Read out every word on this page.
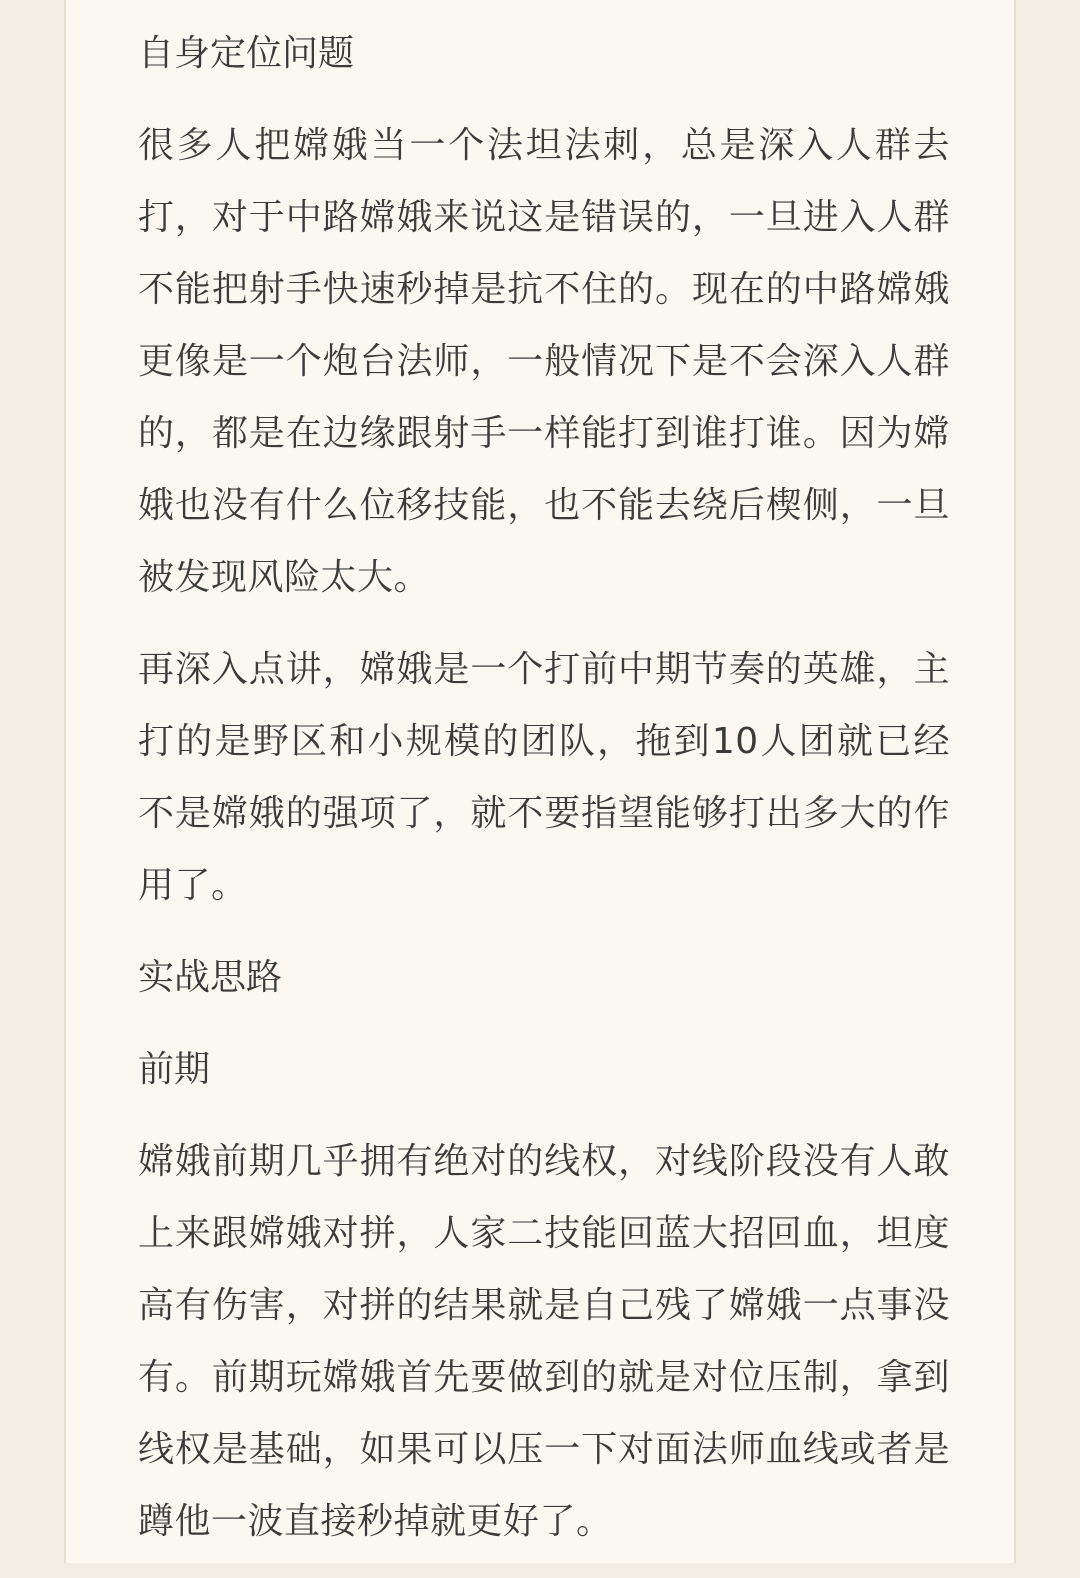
自身定位问题

很多人把嫦娥当一个法坦法刺，总是深入人群去打，对于中路嫦娥来说这是错误的，一旦进入人群不能把射手快速秒掉是抗不住的。现在的中路嫦娥更像是一个炮台法师，一般情况下是不会深入人群的，都是在边缘跟射手一样能打到谁打谁。因为嫦娥也没有什么位移技能，也不能去绕后楔侧，一旦被发现风险太大。

再深入点讲，嫦娥是一个打前中期节奏的英雄，主打的是野区和小规模的团队，拖到10人团就已经不是嫦娥的强项了，就不要指望能够打出多大的作用了。

实战思路
前期

嫦娥前期几乎拥有绝对的线权，对线阶段没有人敢上来跟嫦娥对拼，人家二技能回蓝大招回血，坦度高有伤害，对拼的结果就是自己残了嫦娥一点事没有。前期玩嫦娥首先要做到的就是对位压制，拿到线权是基础，如果可以压一下对面法师血线或者是蹲他一波直接秒掉就更好了。
